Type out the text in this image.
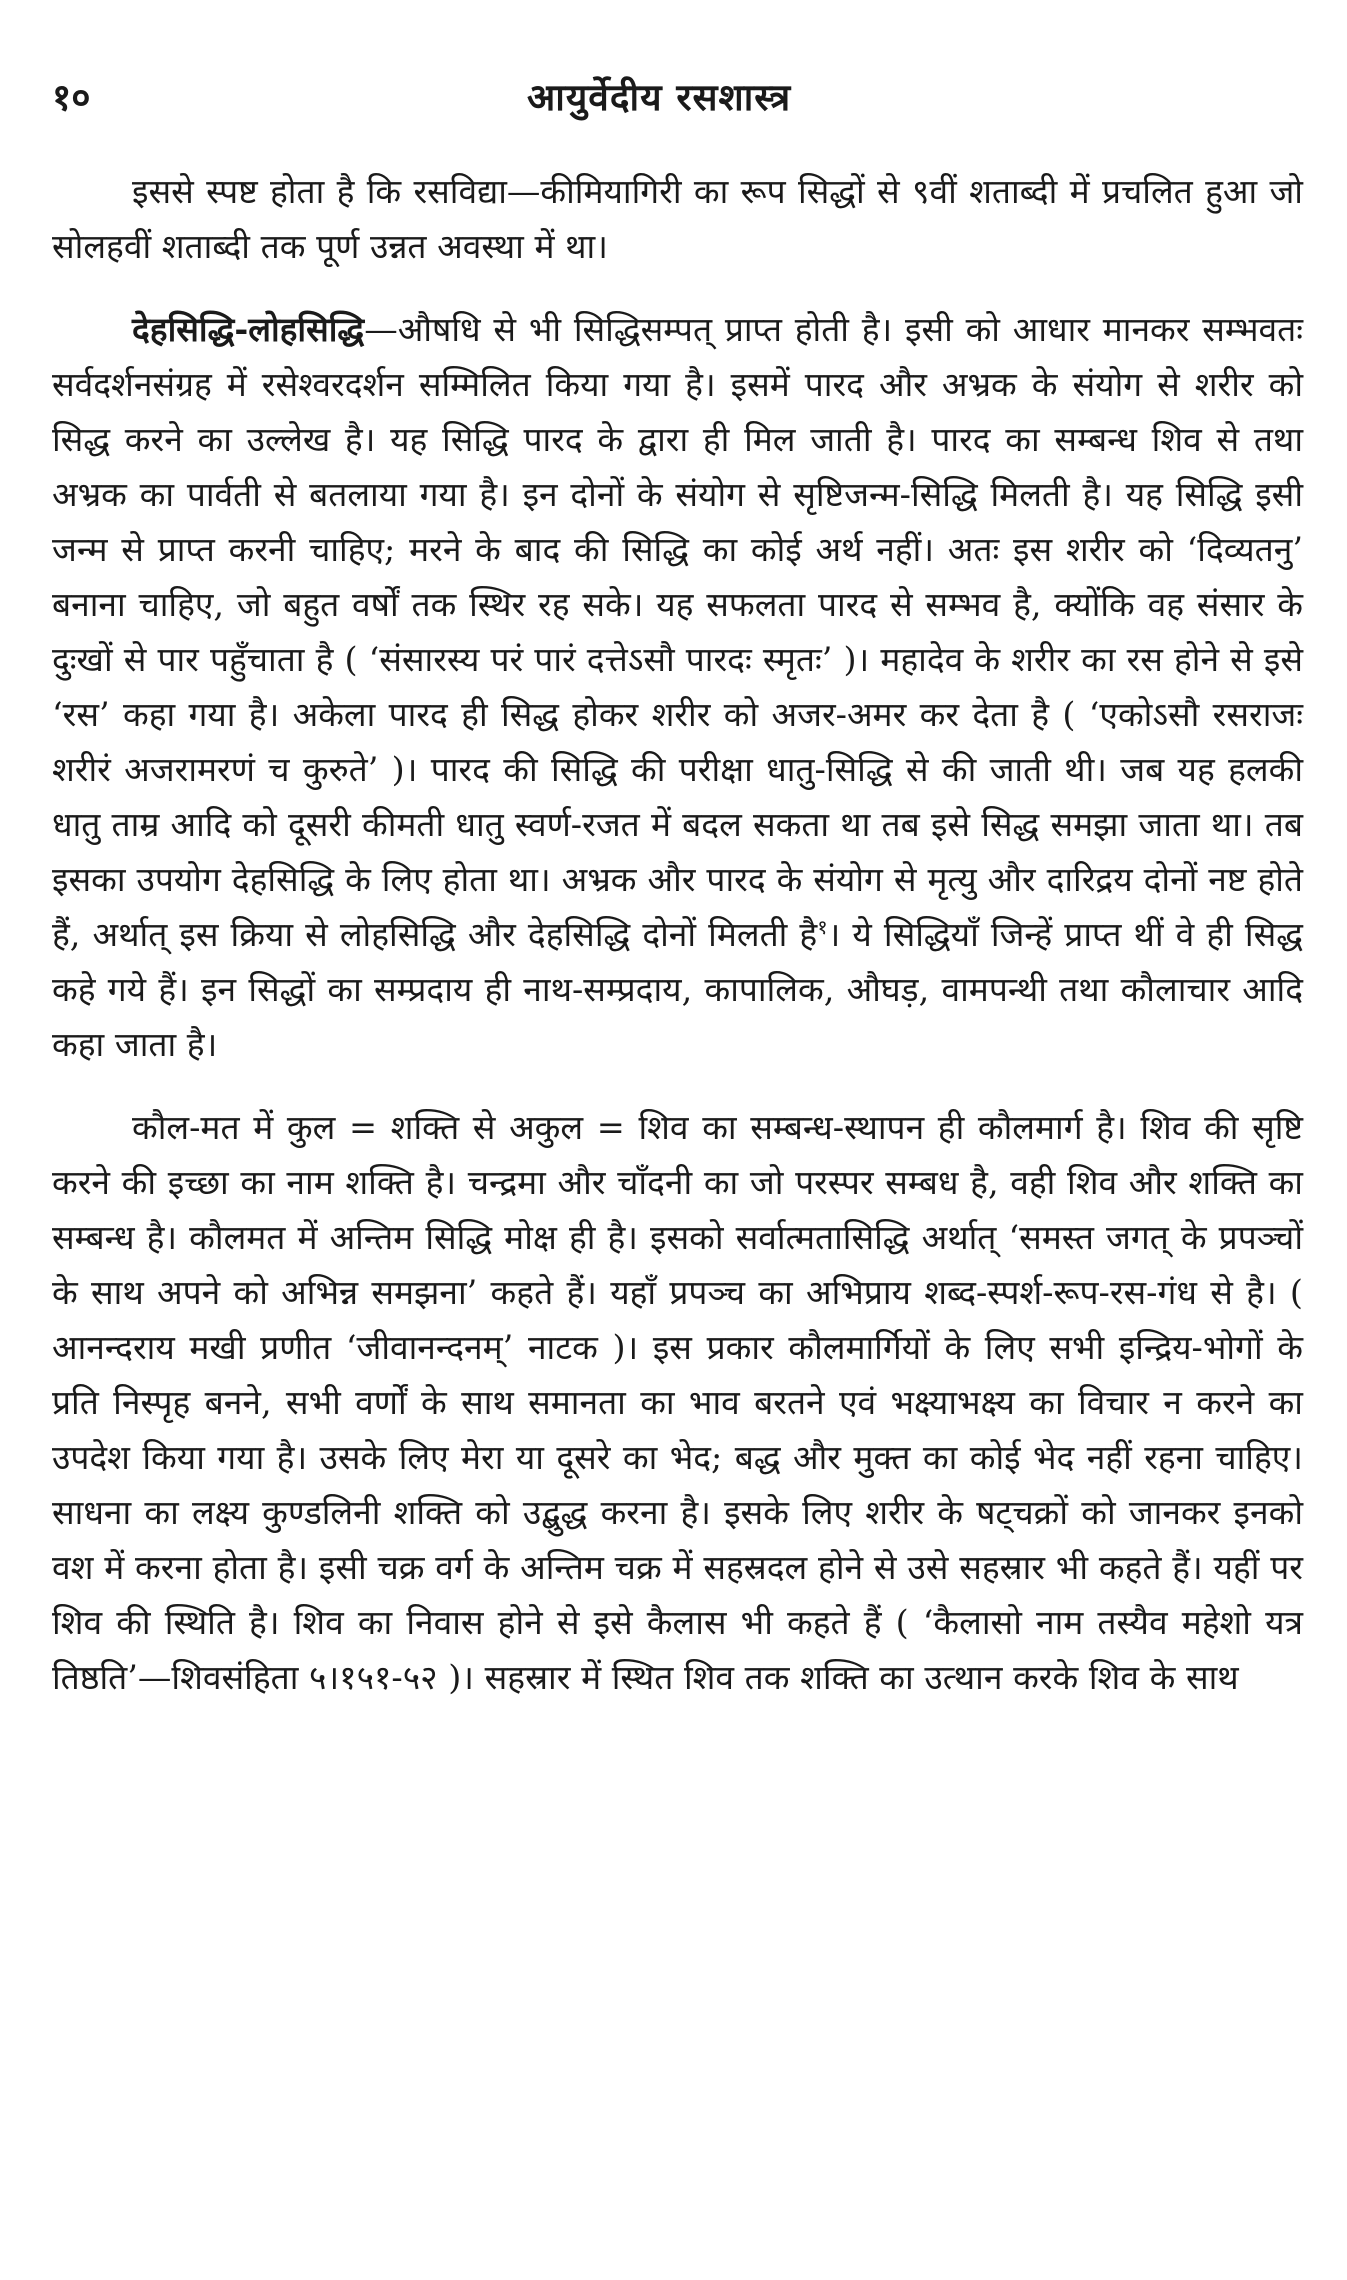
१०	आयुर्वेदीय रसशास्त्र

इससे स्पष्ट होता है कि रसविद्या—कीमियागिरी का रूप सिद्धों से ९वीं शताब्दी में प्रचलित हुआ जो सोलहवीं शताब्दी तक पूर्ण उन्नत अवस्था में था।

देहसिद्धि-लोहसिद्धि—औषधि से भी सिद्धिसम्पत् प्राप्त होती है। इसी को आधार मानकर सम्भवतः सर्वदर्शनसंग्रह में रसेश्वरदर्शन सम्मिलित किया गया है। इसमें पारद और अभ्रक के संयोग से शरीर को सिद्ध करने का उल्लेख है। यह सिद्धि पारद के द्वारा ही मिल जाती है। पारद का सम्बन्ध शिव से तथा अभ्रक का पार्वती से बतलाया गया है। इन दोनों के संयोग से सृष्टिजन्म-सिद्धि मिलती है। यह सिद्धि इसी जन्म से प्राप्त करनी चाहिए; मरने के बाद की सिद्धि का कोई अर्थ नहीं। अतः इस शरीर को ‘दिव्यतनु’ बनाना चाहिए, जो बहुत वर्षों तक स्थिर रह सके। यह सफलता पारद से सम्भव है, क्योंकि वह संसार के दुःखों से पार पहुँचाता है ( ‘संसारस्य परं पारं दत्तेऽसौ पारदः स्मृतः’ )। महादेव के शरीर का रस होने से इसे ‘रस’ कहा गया है। अकेला पारद ही सिद्ध होकर शरीर को अजर-अमर कर देता है ( ‘एकोऽसौ रसराजः शरीरं अजरामरणं च कुरुते’ )। पारद की सिद्धि की परीक्षा धातु-सिद्धि से की जाती थी। जब यह हलकी धातु ताम्र आदि को दूसरी कीमती धातु स्वर्ण-रजत में बदल सकता था तब इसे सिद्ध समझा जाता था। तब इसका उपयोग देहसिद्धि के लिए होता था। अभ्रक और पारद के संयोग से मृत्यु और दारिद्रय दोनों नष्ट होते हैं, अर्थात् इस क्रिया से लोहसिद्धि और देहसिद्धि दोनों मिलती है$^१$। ये सिद्धियाँ जिन्हें प्राप्त थीं वे ही सिद्ध कहे गये हैं। इन सिद्धों का सम्प्रदाय ही नाथ-सम्प्रदाय, कापालिक, औघड़, वामपन्थी तथा कौलाचार आदि कहा जाता है।

कौल-मत में कुल = शक्ति से अकुल = शिव का सम्बन्ध-स्थापन ही कौलमार्ग है। शिव की सृष्टि करने की इच्छा का नाम शक्ति है। चन्द्रमा और चाँदनी का जो परस्पर सम्बध है, वही शिव और शक्ति का सम्बन्ध है। कौलमत में अन्तिम सिद्धि मोक्ष ही है। इसको सर्वात्मतासिद्धि अर्थात् ‘समस्त जगत् के प्रपञ्चों के साथ अपने को अभिन्न समझना’ कहते हैं। यहाँ प्रपञ्च का अभिप्राय शब्द-स्पर्श-रूप-रस-गंध से है। ( आनन्दराय मखी प्रणीत ‘जीवानन्दनम्’ नाटक )। इस प्रकार कौलमार्गियों के लिए सभी इन्द्रिय-भोगों के प्रति निस्पृह बनने, सभी वर्णों के साथ समानता का भाव बरतने एवं भक्ष्याभक्ष्य का विचार न करने का उपदेश किया गया है। उसके लिए मेरा या दूसरे का भेद; बद्ध और मुक्त का कोई भेद नहीं रहना चाहिए। साधना का लक्ष्य कुण्डलिनी शक्ति को उद्बुद्ध करना है। इसके लिए शरीर के षट्चक्रों को जानकर इनको वश में करना होता है। इसी चक्र वर्ग के अन्तिम चक्र में सहस्रदल होने से उसे सहस्रार भी कहते हैं। यहीं पर शिव की स्थिति है। शिव का निवास होने से इसे कैलास भी कहते हैं ( ‘कैलासो नाम तस्यैव महेशो यत्र तिष्ठति’—शिवसंहिता ५।१५१-५२ )। सहस्रार में स्थित शिव तक शक्ति का उत्थान करके शिव के साथ
